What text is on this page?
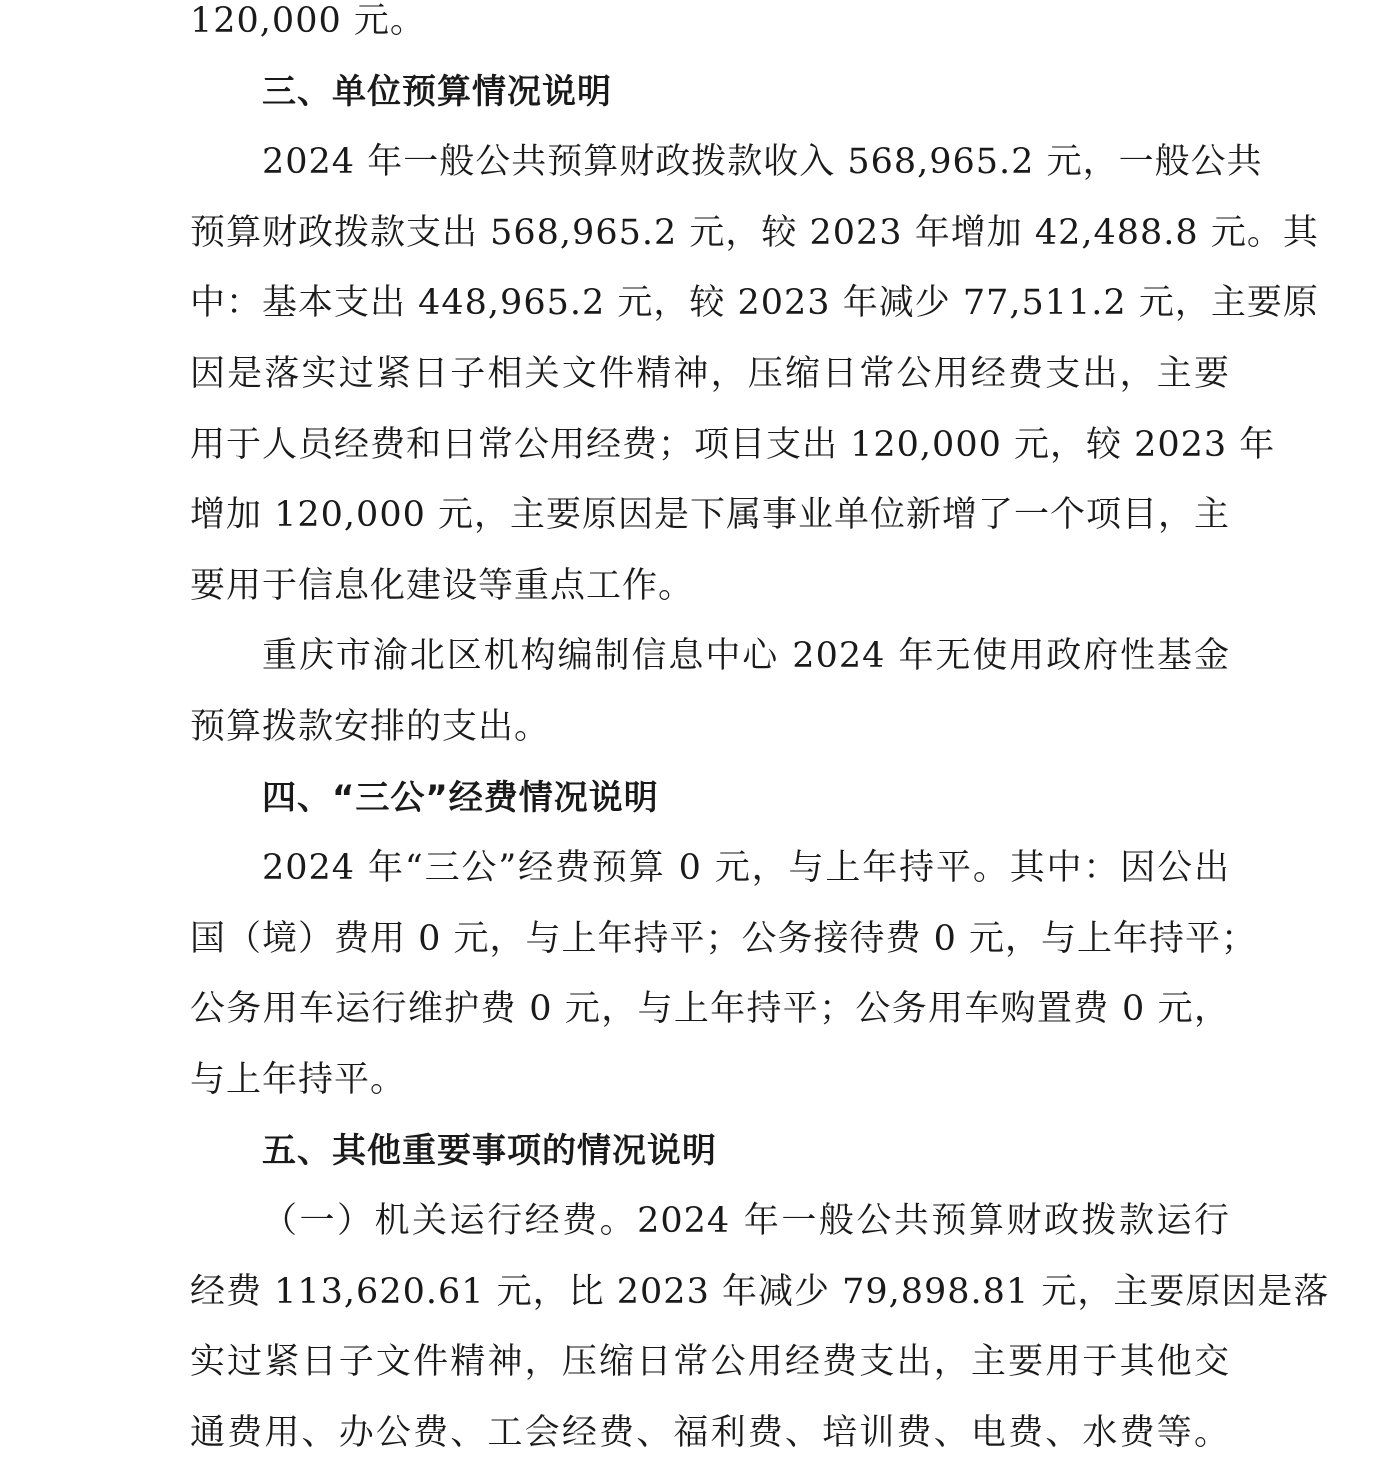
120,000 元。
三、单位预算情况说明
2024 年一般公共预算财政拨款收入 568,965.2 元，一般公共
预算财政拨款支出 568,965.2 元，较 2023 年增加 42,488.8 元。其
中：基本支出 448,965.2 元，较 2023 年减少 77,511.2 元，主要原
因是落实过紧日子相关文件精神，压缩日常公用经费支出，主要
用于人员经费和日常公用经费；项目支出 120,000 元，较 2023 年
增加 120,000 元，主要原因是下属事业单位新增了一个项目，主
要用于信息化建设等重点工作。
重庆市渝北区机构编制信息中心 2024 年无使用政府性基金
预算拨款安排的支出。
四、“三公”经费情况说明
2024 年“三公”经费预算 0 元，与上年持平。其中：因公出
国（境）费用 0 元，与上年持平；公务接待费 0 元，与上年持平；
公务用车运行维护费 0 元，与上年持平；公务用车购置费 0 元，
与上年持平。
五、其他重要事项的情况说明
（一）机关运行经费。2024 年一般公共预算财政拨款运行
经费 113,620.61 元，比 2023 年减少 79,898.81 元，主要原因是落
实过紧日子文件精神，压缩日常公用经费支出，主要用于其他交
通费用、办公费、工会经费、福利费、培训费、电费、水费等。
